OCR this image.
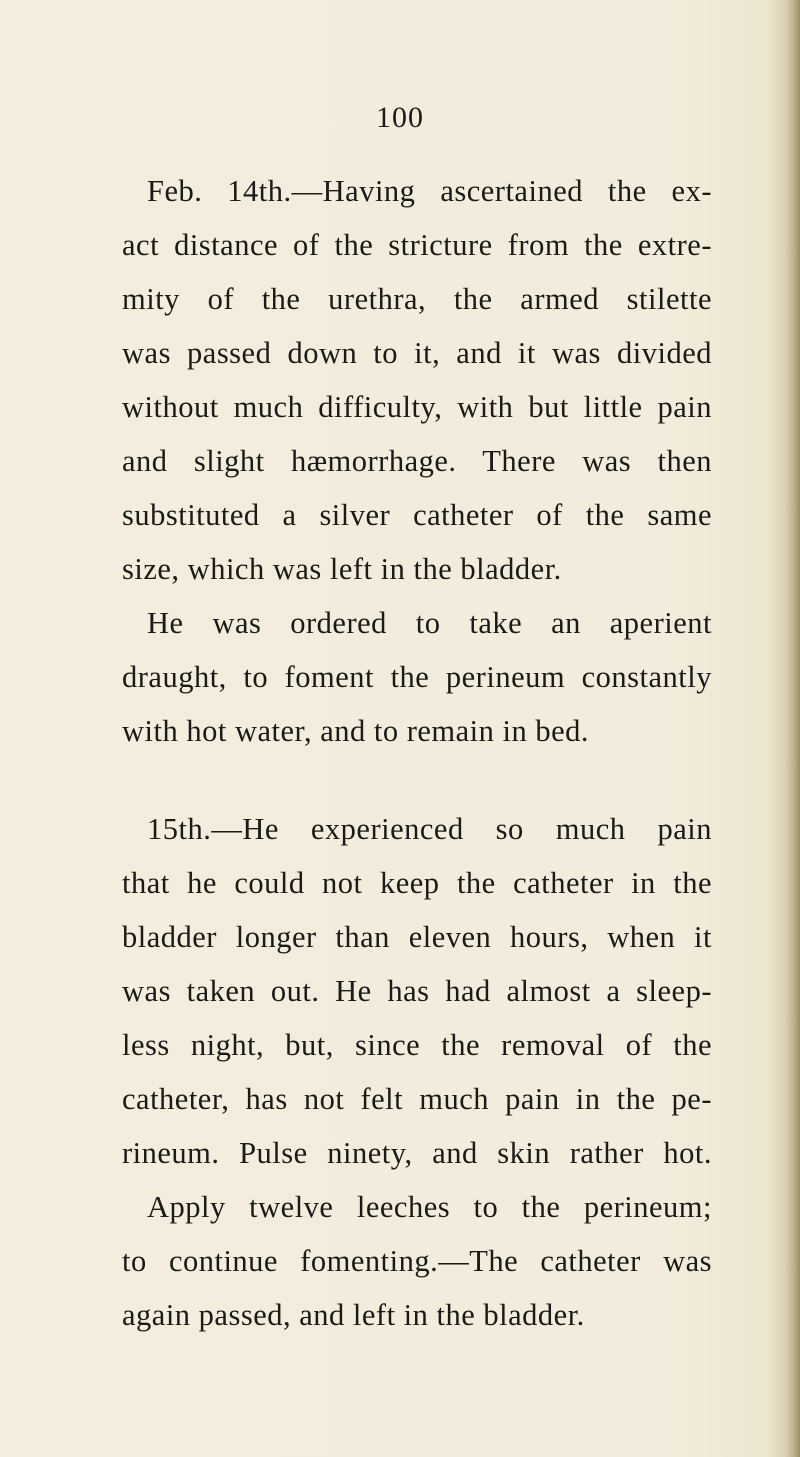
100
Feb. 14th.—Having ascertained the ex-
act distance of the stricture from the extre-
mity of the urethra, the armed stilette
was passed down to it, and it was divided
without much difficulty, with but little pain
and slight hæmorrhage. There was then
substituted a silver catheter of the same
size, which was left in the bladder.
He was ordered to take an aperient
draught, to foment the perineum constantly
with hot water, and to remain in bed.
15th.—He experienced so much pain
that he could not keep the catheter in the
bladder longer than eleven hours, when it
was taken out. He has had almost a sleep-
less night, but, since the removal of the
catheter, has not felt much pain in the pe-
rineum. Pulse ninety, and skin rather hot.
Apply twelve leeches to the perineum;
to continue fomenting.—The catheter was
again passed, and left in the bladder.
